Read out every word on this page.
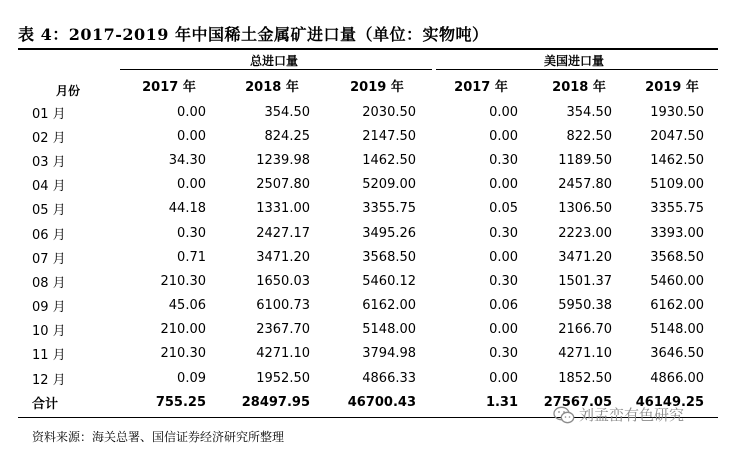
表 4：2017-2019 年中国稀土金属矿进口量（单位：实物吨）
月份	总进口量			美国进口量		
	2017 年	2018 年	2019 年	2017 年	2018 年	2019 年
01 月	0.00	354.50	2030.50	0.00	354.50	1930.50
02 月	0.00	824.25	2147.50	0.00	822.50	2047.50
03 月	34.30	1239.98	1462.50	0.30	1189.50	1462.50
04 月	0.00	2507.80	5209.00	0.00	2457.80	5109.00
05 月	44.18	1331.00	3355.75	0.05	1306.50	3355.75
06 月	0.30	2427.17	3495.26	0.30	2223.00	3393.00
07 月	0.71	3471.20	3568.50	0.00	3471.20	3568.50
08 月	210.30	1650.03	5460.12	0.30	1501.37	5460.00
09 月	45.06	6100.73	6162.00	0.06	5950.38	6162.00
10 月	210.00	2367.70	5148.00	0.00	2166.70	5148.00
11 月	210.30	4271.10	3794.98	0.30	4271.10	3646.50
12 月	0.09	1952.50	4866.33	0.00	1852.50	4866.00
合计	755.25	28497.95	46700.43	1.31	27567.05	46149.25
资料来源：海关总署、国信证券经济研究所整理
刘孟峦有色研究
